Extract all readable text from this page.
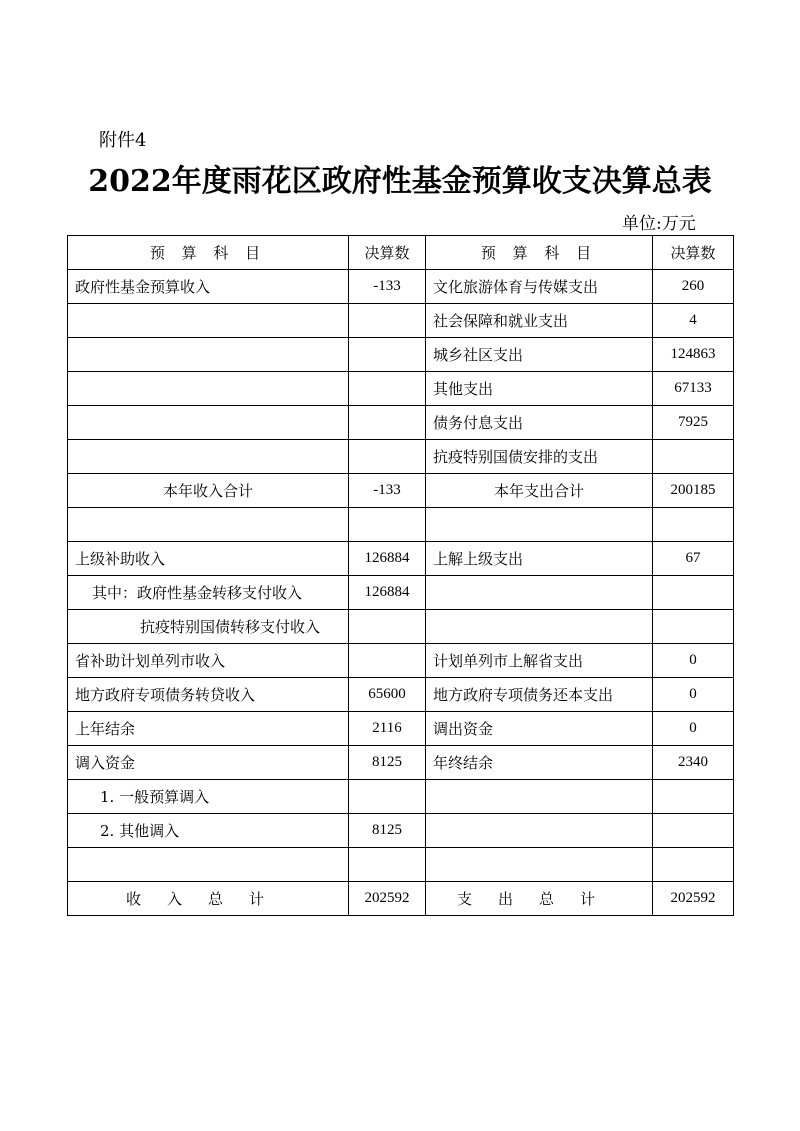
附件4
2022年度雨花区政府性基金预算收支决算总表
单位:万元
预 算 科 目	决算数	预 算 科 目	决算数
政府性基金预算收入	-133	文化旅游体育与传媒支出	260
		社会保障和就业支出	4
		城乡社区支出	124863
		其他支出	67133
		债务付息支出	7925
		抗疫特别国债安排的支出	
本年收入合计	-133	本年支出合计	200185

上级补助收入	126884	上解上级支出	67
其中：政府性基金转移支付收入	126884		
抗疫特别国债转移支付收入			
省补助计划单列市收入		计划单列市上解省支出	0
地方政府专项债务转贷收入	65600	地方政府专项债务还本支出	0
上年结余	2116	调出资金	0
调入资金	8125	年终结余	2340
1. 一般预算调入			
2. 其他调入	8125		

收入总计	202592	支出总计	202592
